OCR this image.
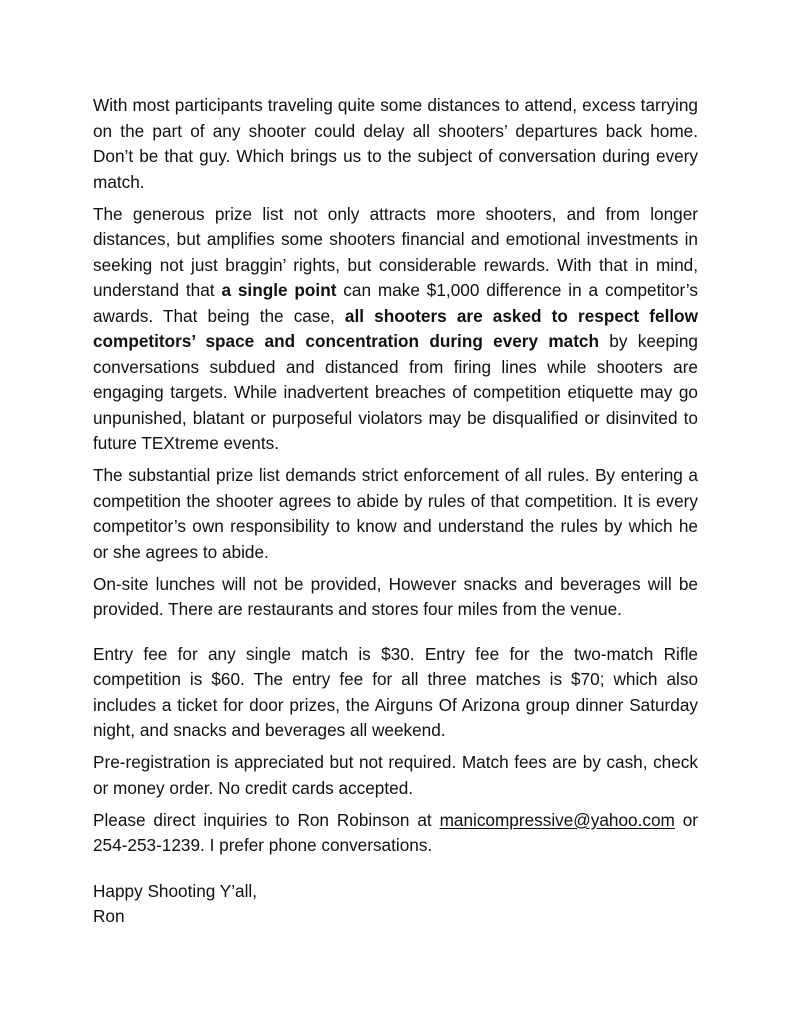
With most participants traveling quite some distances to attend, excess tarrying on the part of any shooter could delay all shooters’ departures back home. Don’t be that guy. Which brings us to the subject of conversation during every match.

The generous prize list not only attracts more shooters, and from longer distances, but amplifies some shooters financial and emotional investments in seeking not just braggin’ rights, but considerable rewards. With that in mind, understand that a single point can make $1,000 difference in a competitor’s awards. That being the case, all shooters are asked to respect fellow competitors’ space and concentration during every match by keeping conversations subdued and distanced from firing lines while shooters are engaging targets. While inadvertent breaches of competition etiquette may go unpunished, blatant or purposeful violators may be disqualified or disinvited to future TEXtreme events.

The substantial prize list demands strict enforcement of all rules. By entering a competition the shooter agrees to abide by rules of that competition. It is every competitor’s own responsibility to know and understand the rules by which he or she agrees to abide.

On-site lunches will not be provided, However snacks and beverages will be provided. There are restaurants and stores four miles from the venue.

Entry fee for any single match is $30. Entry fee for the two-match Rifle competition is $60. The entry fee for all three matches is $70; which also includes a ticket for door prizes, the Airguns Of Arizona group dinner Saturday night, and snacks and beverages all weekend.

Pre-registration is appreciated but not required. Match fees are by cash, check or money order. No credit cards accepted.

Please direct inquiries to Ron Robinson at manicompressive@yahoo.com or 254-253-1239. I prefer phone conversations.

Happy Shooting Y’all,
Ron
